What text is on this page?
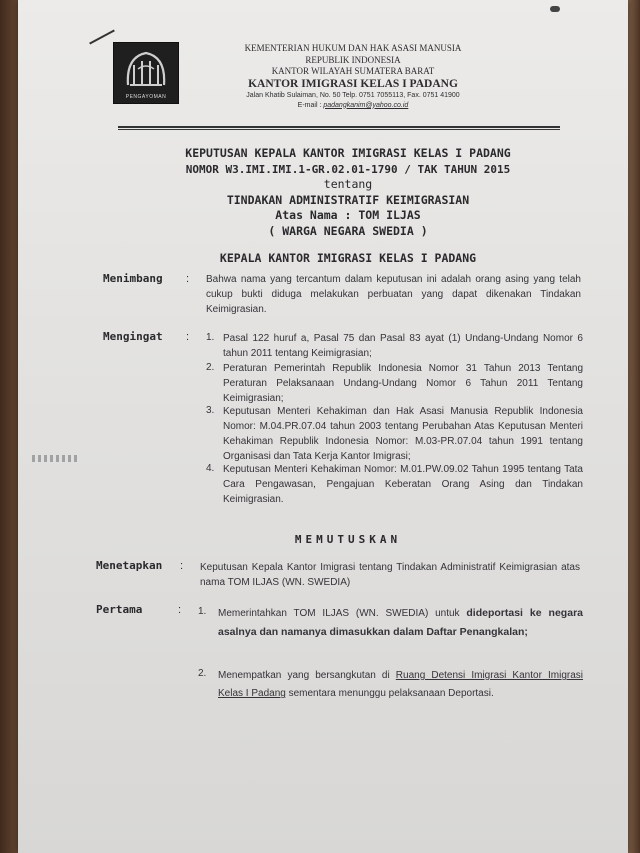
PENGAYOMAN
KEMENTERIAN HUKUM DAN HAK ASASI MANUSIA
REPUBLIK INDONESIA
KANTOR WILAYAH SUMATERA BARAT
KANTOR IMIGRASI KELAS I PADANG
Jalan Khatib Sulaiman, No. 50 Telp. 0751 7055113, Fax. 0751 41900
E-mail : padangkanim@yahoo.co.id
KEPUTUSAN KEPALA KANTOR IMIGRASI KELAS I PADANG
NOMOR W3.IMI.IMI.1-GR.02.01-1790 / TAK TAHUN 2015
tentang
TINDAKAN ADMINISTRATIF KEIMIGRASIAN
Atas Nama : TOM ILJAS
( WARGA NEGARA SWEDIA )
KEPALA KANTOR IMIGRASI KELAS I PADANG
Menimbang : Bahwa nama yang tercantum dalam keputusan ini adalah orang asing yang telah cukup bukti diduga melakukan perbuatan yang dapat dikenakan Tindakan Keimigrasian.
Mengingat : 1. Pasal 122 huruf a, Pasal 75 dan Pasal 83 ayat (1) Undang-Undang Nomor 6 tahun 2011 tentang Keimigrasian;
2. Peraturan Pemerintah Republik Indonesia Nomor 31 Tahun 2013 Tentang Peraturan Pelaksanaan Undang-Undang Nomor 6 Tahun 2011 Tentang Keimigrasian;
3. Keputusan Menteri Kehakiman dan Hak Asasi Manusia Republik Indonesia Nomor: M.04.PR.07.04 tahun 2003 tentang Perubahan Atas Keputusan Menteri Kehakiman Republik Indonesia Nomor: M.03-PR.07.04 tahun 1991 tentang Organisasi dan Tata Kerja Kantor Imigrasi;
4. Keputusan Menteri Kehakiman Nomor: M.01.PW.09.02 Tahun 1995 tentang Tata Cara Pengawasan, Pengajuan Keberatan Orang Asing dan Tindakan Keimigrasian.
MEMUTUSKAN
Menetapkan : Keputusan Kepala Kantor Imigrasi tentang Tindakan Administratif Keimigrasian atas nama TOM ILJAS (WN. SWEDIA)
Pertama	: 1. Memerintahkan TOM ILJAS (WN. SWEDIA) untuk dideportasi ke negara asalnya dan namanya dimasukkan dalam Daftar Penangkalan;
2. Menempatkan yang bersangkutan di Ruang Detensi Imigrasi Kantor Imigrasi Kelas I Padang sementara menunggu pelaksanaan Deportasi.
